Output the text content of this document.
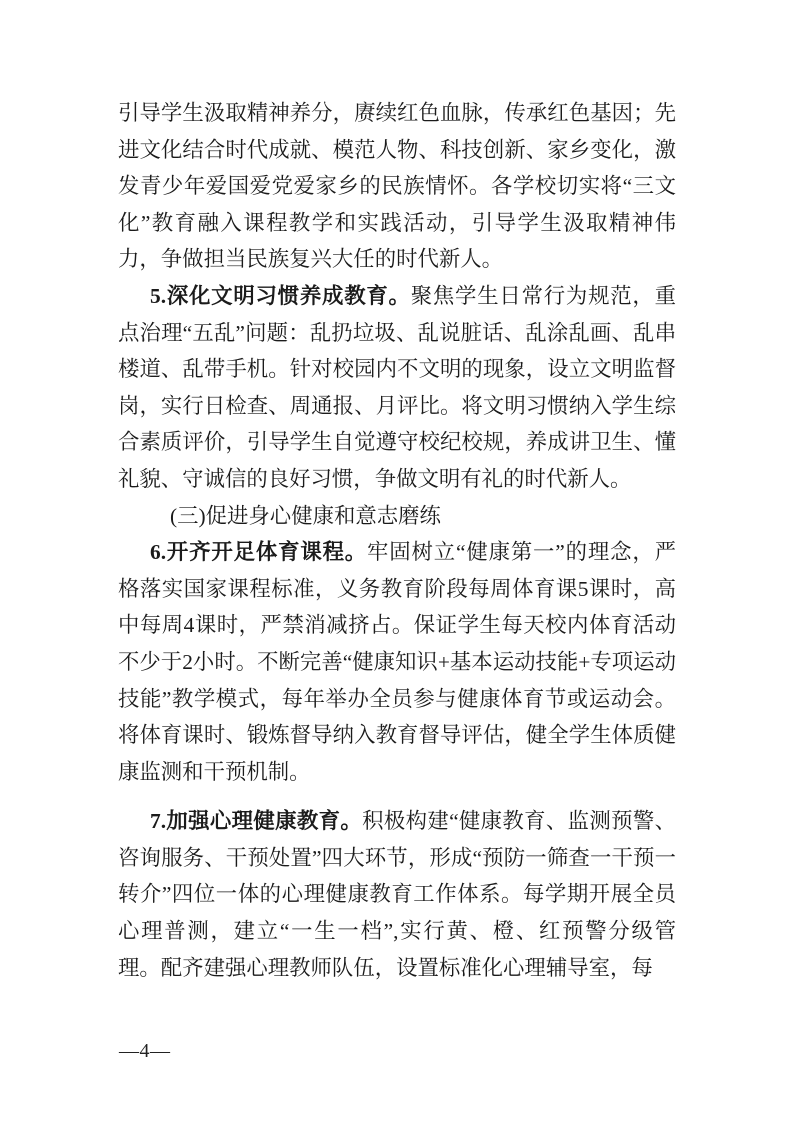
引导学生汲取精神养分，赓续红色血脉，传承红色基因；先进文化结合时代成就、模范人物、科技创新、家乡变化，激发青少年爱国爱党爱家乡的民族情怀。各学校切实将“三文化”教育融入课程教学和实践活动，引导学生汲取精神伟力，争做担当民族复兴大任的时代新人。

5.深化文明习惯养成教育。聚焦学生日常行为规范，重点治理“五乱”问题：乱扔垃圾、乱说脏话、乱涂乱画、乱串楼道、乱带手机。针对校园内不文明的现象，设立文明监督岗，实行日检查、周通报、月评比。将文明习惯纳入学生综合素质评价，引导学生自觉遵守校纪校规，养成讲卫生、懂礼貌、守诚信的良好习惯，争做文明有礼的时代新人。

(三)促进身心健康和意志磨练

6.开齐开足体育课程。牢固树立“健康第一”的理念，严格落实国家课程标准，义务教育阶段每周体育课5课时，高中每周4课时，严禁消减挤占。保证学生每天校内体育活动不少于2小时。不断完善“健康知识+基本运动技能+专项运动技能”教学模式，每年举办全员参与健康体育节或运动会。将体育课时、锻炼督导纳入教育督导评估，健全学生体质健康监测和干预机制。

7.加强心理健康教育。积极构建“健康教育、监测预警、咨询服务、干预处置”四大环节，形成“预防一筛查一干预一转介”四位一体的心理健康教育工作体系。每学期开展全员心理普测，建立“一生一档”,实行黄、橙、红预警分级管理。配齐建强心理教师队伍，设置标准化心理辅导室，每

—4—
